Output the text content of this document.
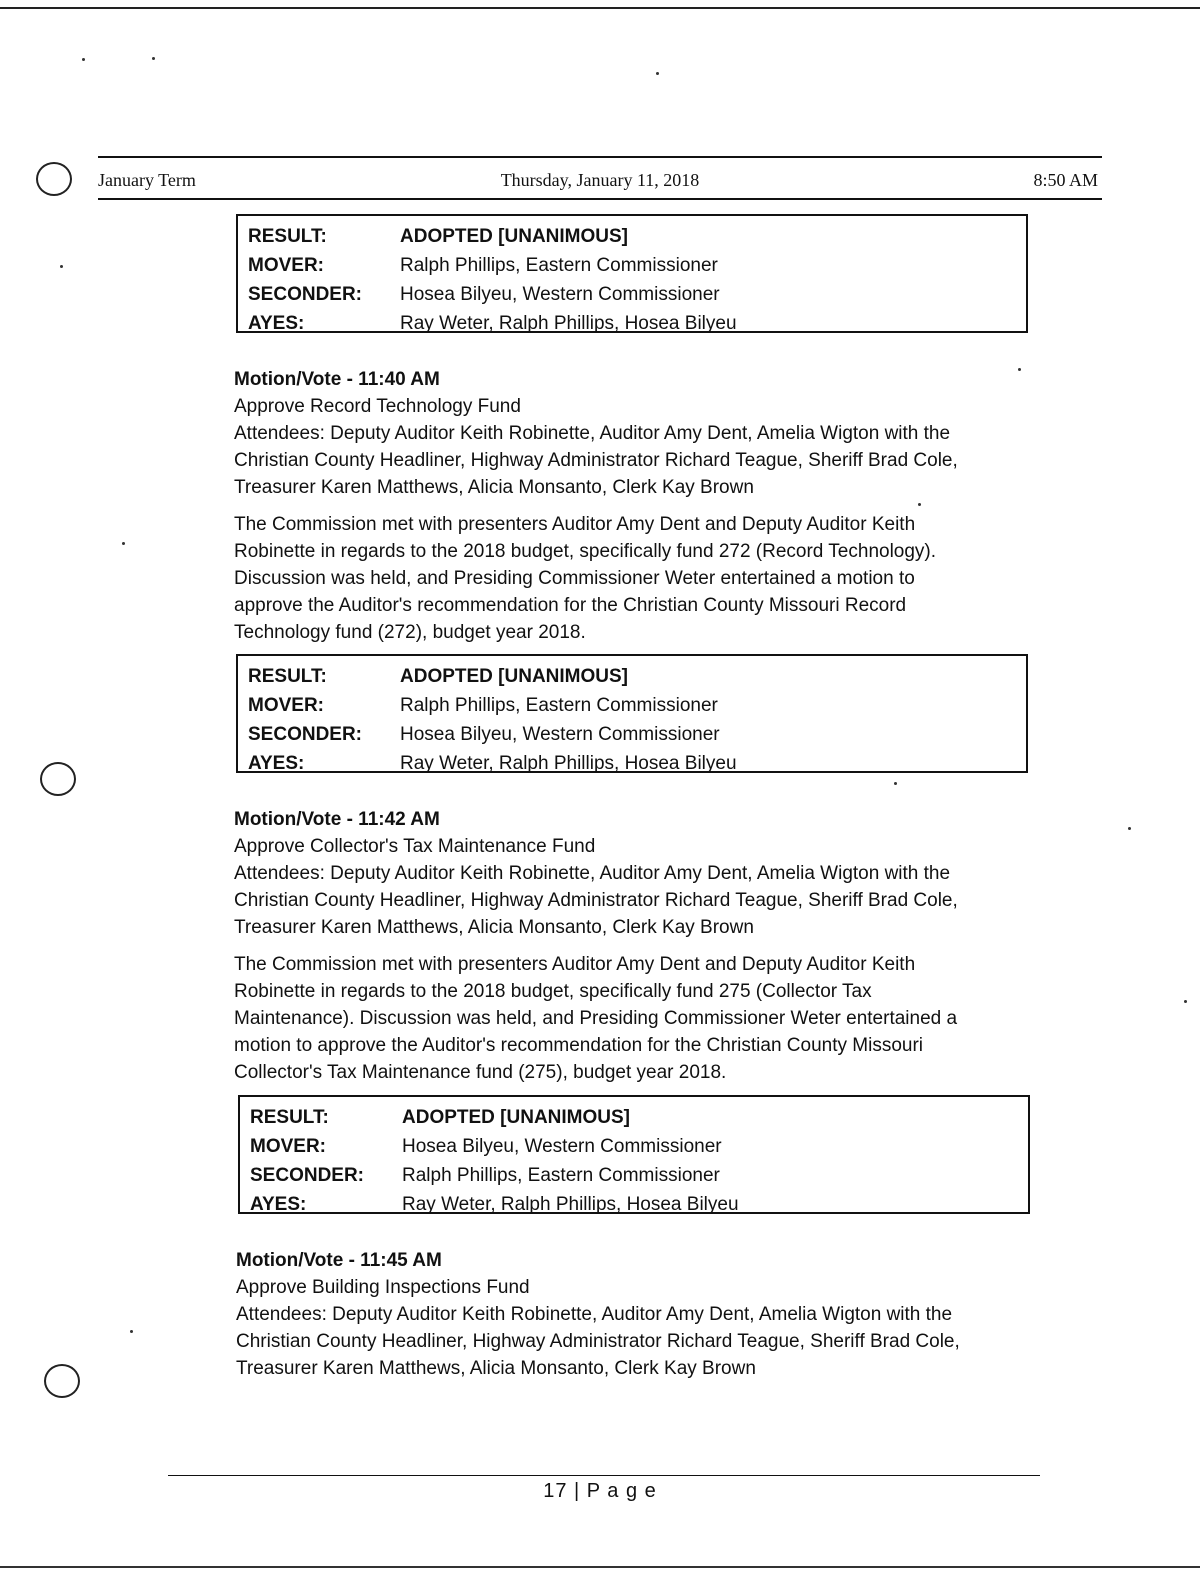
January Term	Thursday, January 11, 2018	8:50 AM
RESULT:	ADOPTED [UNANIMOUS]
MOVER:	Ralph Phillips, Eastern Commissioner
SECONDER:	Hosea Bilyeu, Western Commissioner
AYES:	Ray Weter, Ralph Phillips, Hosea Bilyeu
Motion/Vote - 11:40 AM
Approve Record Technology Fund
Attendees: Deputy Auditor Keith Robinette, Auditor Amy Dent, Amelia Wigton with the
Christian County Headliner, Highway Administrator Richard Teague, Sheriff Brad Cole,
Treasurer Karen Matthews, Alicia Monsanto, Clerk Kay Brown
The Commission met with presenters Auditor Amy Dent and Deputy Auditor Keith
Robinette in regards to the 2018 budget, specifically fund 272 (Record Technology).
Discussion was held, and Presiding Commissioner Weter entertained a motion to
approve the Auditor's recommendation for the Christian County Missouri Record
Technology fund (272), budget year 2018.
RESULT:	ADOPTED [UNANIMOUS]
MOVER:	Ralph Phillips, Eastern Commissioner
SECONDER:	Hosea Bilyeu, Western Commissioner
AYES:	Ray Weter, Ralph Phillips, Hosea Bilyeu
Motion/Vote - 11:42 AM
Approve Collector's Tax Maintenance Fund
Attendees: Deputy Auditor Keith Robinette, Auditor Amy Dent, Amelia Wigton with the
Christian County Headliner, Highway Administrator Richard Teague, Sheriff Brad Cole,
Treasurer Karen Matthews, Alicia Monsanto, Clerk Kay Brown
The Commission met with presenters Auditor Amy Dent and Deputy Auditor Keith
Robinette in regards to the 2018 budget, specifically fund 275 (Collector Tax
Maintenance). Discussion was held, and Presiding Commissioner Weter entertained a
motion to approve the Auditor's recommendation for the Christian County Missouri
Collector's Tax Maintenance fund (275), budget year 2018.
RESULT:	ADOPTED [UNANIMOUS]
MOVER:	Hosea Bilyeu, Western Commissioner
SECONDER:	Ralph Phillips, Eastern Commissioner
AYES:	Ray Weter, Ralph Phillips, Hosea Bilyeu
Motion/Vote - 11:45 AM
Approve Building Inspections Fund
Attendees: Deputy Auditor Keith Robinette, Auditor Amy Dent, Amelia Wigton with the
Christian County Headliner, Highway Administrator Richard Teague, Sheriff Brad Cole,
Treasurer Karen Matthews, Alicia Monsanto, Clerk Kay Brown
17 | P a g e
